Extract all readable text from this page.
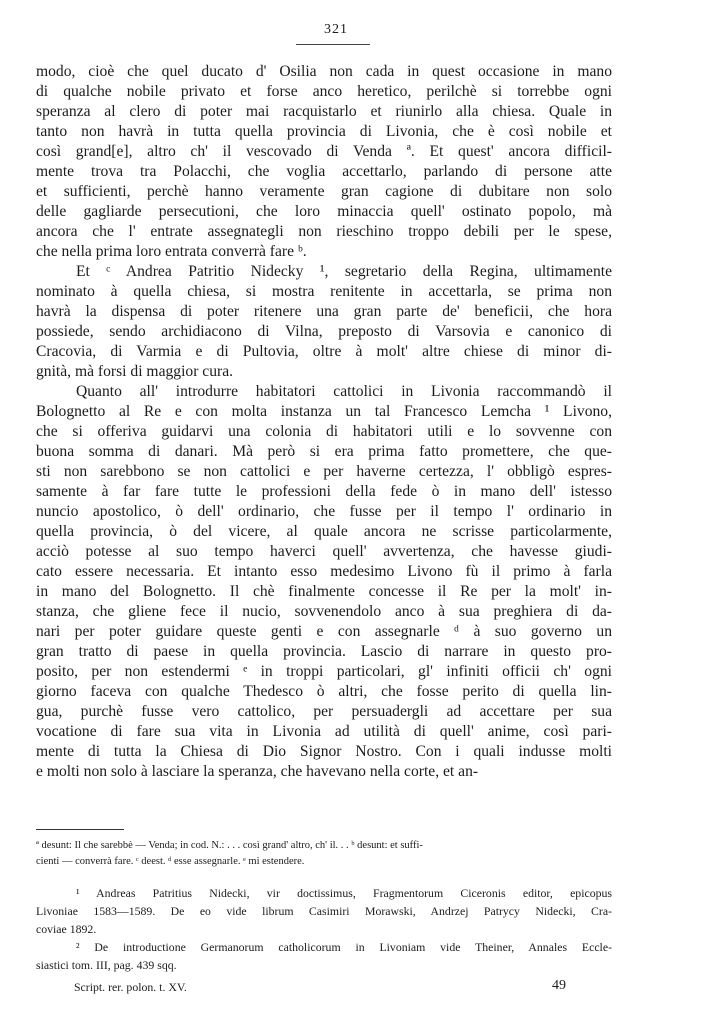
321
modo, cioè che quel ducato d' Osilia non cada in quest occasione in mano
di qualche nobile privato et forse anco heretico, perilchè si torrebbe ogni
speranza al clero di poter mai racquistarlo et riunirlo alla chiesa. Quale in
tanto non havrà in tutta quella provincia di Livonia, che è così nobile et
così grand[e], altro ch' il vescovado di Venda ª. Et quest' ancora difficil-
mente trova tra Polacchi, che voglia accettarlo, parlando di persone atte
et sufficienti, perchè hanno veramente gran cagione di dubitare non solo
delle gagliarde persecutioni, che loro minaccia quell' ostinato popolo, mà
ancora che l' entrate assegnategli non rieschino troppo debili per le spese,
che nella prima loro entrata converrà fare ᵇ.
Et ᶜ Andrea Patritio Nidecky ¹, segretario della Regina, ultimamente
nominato à quella chiesa, si mostra renitente in accettarla, se prima non
havrà la dispensa di poter ritenere una gran parte de' beneficii, che hora
possiede, sendo archidiacono di Vilna, preposto di Varsovia e canonico di
Cracovia, di Varmia e di Pultovia, oltre à molt' altre chiese di minor di-
gnità, mà forsi di maggior cura.
Quanto all' introdurre habitatori cattolici in Livonia raccommandò il
Bolognetto al Re e con molta instanza un tal Francesco Lemcha ¹ Livono,
che si offeriva guidarvi una colonia di habitatori utili e lo sovvenne con
buona somma di danari. Mà però si era prima fatto promettere, che que-
sti non sarebbono se non cattolici e per haverne certezza, l' obbligò espres-
samente à far fare tutte le professioni della fede ò in mano dell' istesso
nuncio apostolico, ò dell' ordinario, che fusse per il tempo l' ordinario in
quella provincia, ò del vicere, al quale ancora ne scrisse particolarmente,
acciò potesse al suo tempo haverci quell' avvertenza, che havesse giudi-
cato essere necessaria. Et intanto esso medesimo Livono fù il primo à farla
in mano del Bolognetto. Il chè finalmente concesse il Re per la molt' in-
stanza, che gliene fece il nucio, sovvenendolo anco à sua preghiera di da-
nari per poter guidare queste genti e con assegnarle ᵈ à suo governo un
gran tratto di paese in quella provincia. Lascio di narrare in questo pro-
posito, per non estendermi ᵉ in troppi particolari, gl' infiniti officii ch' ogni
giorno faceva con qualche Thedesco ò altri, che fosse perito di quella lin-
gua, purchè fusse vero cattolico, per persuadergli ad accettare per sua
vocatione di fare sua vita in Livonia ad utilità di quell' anime, così pari-
mente di tutta la Chiesa di Dio Signor Nostro. Con i quali indusse molti
e molti non solo à lasciare la speranza, che havevano nella corte, et an-
ª desunt: Il che sarebbè — Venda; in cod. N.: . . . così grand' altro, ch' il. . . ᵇ desunt: et suffi-
cienti — converrà fare. ᶜ deest. ᵈ esse assegnarle. ᵉ mi estendere.
¹ Andreas Patritius Nidecki, vir doctissimus, Fragmentorum Ciceronis editor, epicopus
Livoniae 1583—1589. De eo vide librum Casimiri Morawski, Andrzej Patrycy Nidecki, Cra-
coviae 1892.
² De introductione Germanorum catholicorum in Livoniam vide Theiner, Annales Eccle-
siastici tom. III, pag. 439 sqq.
Script. rer. polon. t. XV.	49
